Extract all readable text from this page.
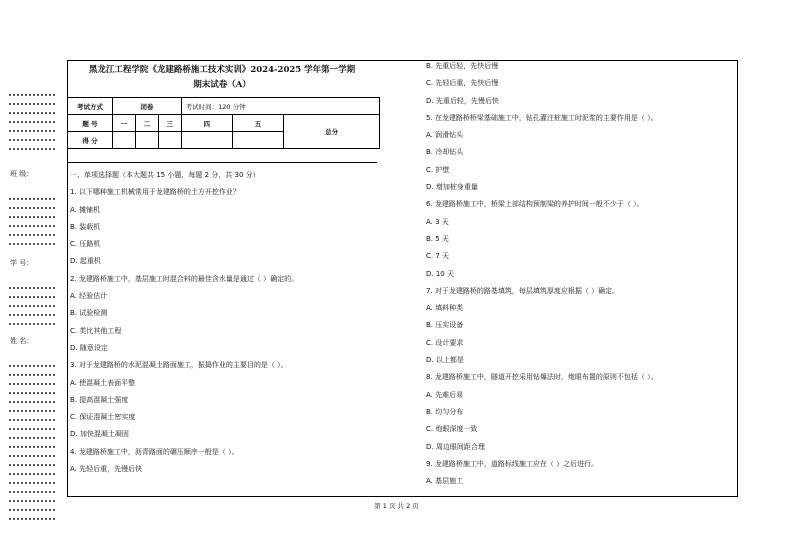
班 级：
学 号：
姓 名：
黑龙江工程学院《龙建路桥施工技术实训》2024-2025 学年第一学期
期末试卷（A）
考试方式	闭卷			考试时间：120 分钟		
题 号	一	二	三	四	五	总分
得 分						
一、单项选择题（本大题共 15 小题，每题 2 分，共 30 分）
1. 以下哪种施工机械常用于龙建路桥的土方开挖作业？
A. 摊铺机
B. 装载机
C. 压路机
D. 起重机
2. 龙建路桥施工中，基层施工时混合料的最佳含水量是通过（ ）确定的。
A. 经验估计
B. 试验检测
C. 类比其他工程
D. 随意设定
3. 对于龙建路桥的水泥混凝土路面施工，振捣作业的主要目的是（ ）。
A. 使混凝土表面平整
B. 提高混凝土强度
C. 保证混凝土密实度
D. 加快混凝土凝固
4. 龙建路桥施工中，沥青路面的碾压顺序一般是（ ）。
A. 先轻后重，先慢后快
B. 先重后轻，先快后慢
C. 先轻后重，先快后慢
D. 先重后轻，先慢后快
5. 在龙建路桥桥梁基础施工中，钻孔灌注桩施工时泥浆的主要作用是（ ）。
A. 润滑钻头
B. 冷却钻头
C. 护壁
D. 增加桩身重量
6. 龙建路桥施工中，桥梁上部结构预制梁的养护时间一般不少于（ ）。
A. 3 天
B. 5 天
C. 7 天
D. 10 天
7. 对于龙建路桥的路基填筑，每层填筑厚度应根据（ ）确定。
A. 填料种类
B. 压实设备
C. 设计要求
D. 以上都是
8. 龙建路桥施工中，隧道开挖采用钻爆法时，炮眼布置的原则不包括（ ）。
A. 先难后易
B. 均匀分布
C. 炮眼深度一致
D. 周边眼间距合理
9. 龙建路桥施工中，道路标线施工应在（ ）之后进行。
A. 基层施工
第 1 页 共 2 页
